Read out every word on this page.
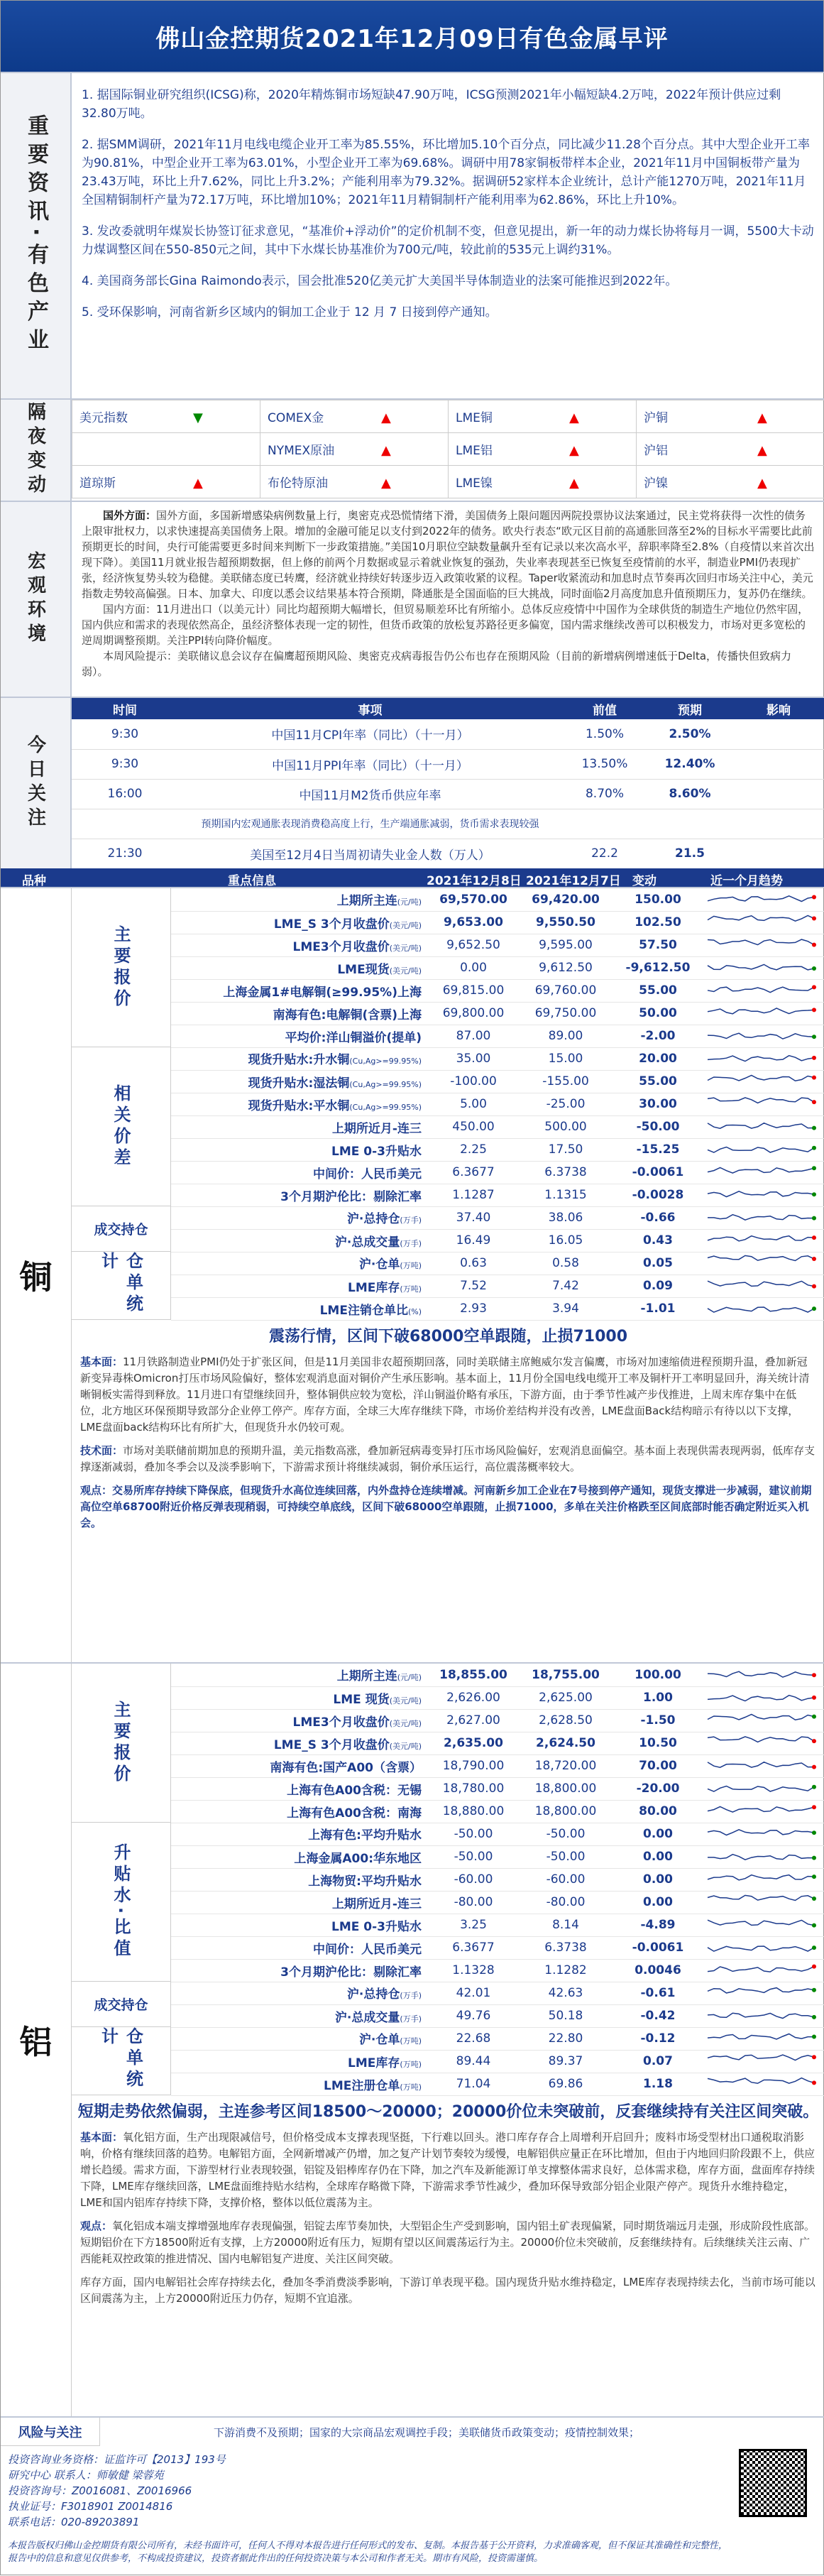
佛山金控期货2021年12月09日有色金属早评
重要资讯·有色产业

1. 据国际铜业研究组织(ICSG)称，2020年精炼铜市场短缺47.90万吨，ICSG预测2021年小幅短缺4.2万吨，2022年预计供应过剩32.80万吨。

2. 据SMM调研，2021年11月电线电缆企业开工率为85.55%，环比增加5.10个百分点，同比减少11.28个百分点。其中大型企业开工率为90.81%，中型企业开工率为63.01%，小型企业开工率为69.68%。调研中用78家铜板带样本企业，2021年11月中国铜板带产量为23.43万吨，环比上升7.62%，同比上升3.2%；产能利用率为79.32%。据调研52家样本企业统计，总计产能1270万吨，2021年11月全国精铜制杆产量为72.17万吨，环比增加10%；2021年11月精铜制杆产能利用率为62.86%，环比上升10%。

3. 发改委就明年煤炭长协签订征求意见，“基准价+浮动价”的定价机制不变，但意见提出，新一年的动力煤长协将每月一调，5500大卡动力煤调整区间在550-850元之间，其中下水煤长协基准价为700元/吨，较此前的535元上调约31%。

4. 美国商务部长Gina Raimondo表示，国会批准520亿美元扩大美国半导体制造业的法案可能推迟到2022年。

5. 受环保影响，河南省新乡区域内的铜加工企业于 12 月 7 日接到停产通知。

隔夜变动	美元指数 ▼	COMEX金 ▲	LME铜 ▲	沪铜 ▲
	NYMEX原油 ▲	LME铝 ▲	沪铝 ▲
道琼斯 ▲	布伦特原油 ▲	LME镍 ▲	沪镍 ▲
宏观环境

国外方面：国外方面，多国新增感染病例数量上行，奥密克戎恐慌情绪下滑，美国债务上限问题因两院投票协议法案通过，民主党将获得一次性的债务上限审批权力，以求快速提高美国债务上限。增加的金融可能足以支付到2022年的债务。欧央行表态“欧元区目前的高通胀回落至2%的目标水平需要比此前预期更长的时间，央行可能需要更多时间来判断下一步政策措施。”美国10月职位空缺数量飙升至有记录以来次高水平，辞职率降至2.8%（自疫情以来首次出现下降）。美国11月就业报告超预期数据，但上修的前两个月数据或显示着就业恢复的强劲，失业率表现甚至已恢复至疫情前的水平，制造业PMI仍表现扩张，经济恢复势头较为稳健。美联储态度已转鹰，经济就业持续好转逐步迈入政策收紧的议程。Taper收紧流动和加息时点节奏再次回归市场关注中心，美元指数走势较高偏强。日本、加拿大、印度以悉会议结果基本符合预期，降通胀是全国面临的巨大挑战，同时面临2月高度加息升值预期压力，复苏仍在继续。

国内方面：11月进出口（以美元计）同比均超预期大幅增长，但贸易顺差环比有所缩小。总体反应疫情中中国作为全球供货的制造生产地位仍然牢固，国内供应和需求的表现依然高企，虽经济整体表现一定的韧性，但货币政策的放松复苏路径更多偏宽，国内需求继续改善可以积极发力，市场对更多宽松的逆周期调整预期。关注PPI转向降价幅度。

本周风险提示：美联储议息会议存在偏鹰超预期风险、奥密克戎病毒报告仍公布也存在预期风险（目前的新增病例增速低于Delta，传播快但致病力弱）。

今日关注
时间	事项	前值	预期	影响
9:30	中国11月CPI年率（同比）（十一月）	1.50%	2.50%	
9:30	中国11月PPI年率（同比）（十一月）	13.50%	12.40%	
16:00	中国11月M2货币供应年率	8.70%	8.60%	
	预期国内宏观通胀表现消费稳高度上行，生产端通胀减弱，货币需求表现较强			
21:30	美国至12月4日当周初请失业金人数（万人）	22.2	21.5	
品种	重点信息	2021年12月8日 2021年12月7日 变动	近一个月趋势
铜
主要报价
上期所主连(元/吨)	69,570.00	69,420.00	150.00	
LME_S 3个月收盘价(美元/吨)	9,653.00	9,550.50	102.50	
LME3个月收盘价(美元/吨)	9,652.50	9,595.00	57.50	
LME现货(美元/吨)	0.00	9,612.50	-9,612.50	
上海金属1#电解铜(≥99.95%)上海	69,815.00	69,760.00	55.00	
南海有色:电解铜(含票)上海	69,800.00	69,750.00	50.00	
平均价:洋山铜溢价(提单)	87.00	89.00	-2.00	
相关价差
现货升贴水:升水铜(Cu,Ag>=99.95%)	35.00	15.00	20.00	
现货升贴水:湿法铜(Cu,Ag>=99.95%)	-100.00	-155.00	55.00	
现货升贴水:平水铜(Cu,Ag>=99.95%)	5.00	-25.00	30.00	
上期所近月-连三	450.00	500.00	-50.00	
LME 0-3升贴水	2.25	17.50	-15.25	
中间价：人民币美元	6.3677	6.3738	-0.0061	
3个月期沪伦比：剔除汇率	1.1287	1.1315	-0.0028	
成交持仓
沪·总持仓(万手)	37.40	38.06	-0.66	
沪·总成交量(万手)	16.49	16.05	0.43	
仓单统计	沪·仓单(万吨)	0.63	0.58	0.05	
LME库存(万吨)	7.52	7.42	0.09	
LME注销仓单比(%)	2.93	3.94	-1.01	
震荡行情，区间下破68000空单跟随，止损71000

基本面：11月铁路制造业PMI仍处于扩张区间，但是11月美国非农超预期回落，同时美联储主席鲍威尔发言偏鹰，市场对加速缩债进程预期升温，叠加新冠新变异毒株Omicron打压市场风险偏好，整体宏观消息面对铜价产生承压影响。基本面上，11月份全国电线电缆开工率及铜杆开工率明显回升，海关统计清晰铜板实需得到释放。11月进口有望继续回升，整体铜供应较为宽松，洋山铜溢价略有承压，下游方面，由于季节性减产步伐推进，上周末库存集中在低位，北方地区环保预期导致部分企业停工停产。库存方面，全球三大库存继续下降，市场价差结构并没有改善，LME盘面Back结构暗示有待以以下支撑，LME盘面back结构环比有所扩大，但现货升水仍较可观。

技术面：市场对美联储前期加息的预期升温，美元指数高涨，叠加新冠病毒变异打压市场风险偏好，宏观消息面偏空。基本面上表现供需表现两弱，低库存支撑逐渐减弱，叠加冬季会以及淡季影响下，下游需求预计将继续减弱，铜价承压运行，高位震荡概率较大。

观点：交易所库存持续下降保底，但现货升水高位连续回落，内外盘持仓连续增减。河南新乡加工企业在7号接到停产通知，现货支撑进一步减弱，建议前期高位空单68700附近价格反弹表现稍弱，可持续空单底线，区间下破68000空单跟随，止损71000，多单在关注价格跌至区间底部时能否确定附近买入机会。

铝
主要报价
上期所主连(元/吨)	18,855.00	18,755.00	100.00	
LME 现货(美元/吨)	2,626.00	2,625.00	1.00	
LME3个月收盘价(美元/吨)	2,627.00	2,628.50	-1.50	
LME_S 3个月收盘价(美元/吨)	2,635.00	2,624.50	10.50	
南海有色:国产A00（含票）	18,790.00	18,720.00	70.00	
上海有色A00含税：无锡	18,780.00	18,800.00	-20.00	
上海有色A00含税：南海	18,880.00	18,800.00	80.00	
升贴水·比值
上海有色:平均升贴水	-50.00	-50.00	0.00	
上海金属A00:华东地区	-50.00	-50.00	0.00	
上海物贸:平均升贴水	-60.00	-60.00	0.00	
上期所近月-连三	-80.00	-80.00	0.00	
LME 0-3升贴水	3.25	8.14	-4.89	
中间价：人民币美元	6.3677	6.3738	-0.0061	
3个月期沪伦比：剔除汇率	1.1328	1.1282	0.0046	
成交持仓
沪·总持仓(万手)	42.01	42.63	-0.61	
沪·总成交量(万手)	49.76	50.18	-0.42	
仓单统计	沪·仓单(万吨)	22.68	22.80	-0.12	
LME库存(万吨)	89.44	89.37	0.07	
LME注册仓单(万吨)	71.04	69.86	1.18	
短期走势依然偏弱，主连参考区间18500～20000；20000价位未突破前，反套继续持有关注区间突破。

基本面：氧化铝方面，生产出现限减信号，但价格受成本支撑表现坚挺，下行难以回头。港口库存存合上周增利开启回升；废料市场受型材出口通税取消影响，价格有继续回落的趋势。电解铝方面，全网新增减产仍增，加之复产计划节奏较为缓慢，电解铝供应量正在环比增加，但由于内地回归阶段跟不上，供应增长趋缓。需求方面，下游型材行业表现较强，铝锭及铝棒库存仍在下降，加之汽车及新能源订单支撑整体需求良好，总体需求稳，库存方面，盘面库存持续下降，LME库存继续回落，LME盘面维持贴水结构，全球库存略微下降，下游需求季节性减少，叠加环保导致部分铝企业限产停产。现货升水维持稳定，LME和国内铝库存持续下降，支撑价格，整体以低位震荡为主。

观点：氧化铝成本端支撑增强地库存表现偏强，铝锭去库节奏加快，大型铝企生产受到影响，国内铝土矿表现偏紧，同时期货端远月走强，形成阶段性底部。短期铝价在下方18500附近有支撑，上方20000附近有压力，短期有望以区间震荡运行为主。20000价位未突破前，反套继续持有。后续继续关注云南、广西能耗双控政策的推进情况、国内电解铝复产进度、关注区间突破。

库存方面，国内电解铝社会库存持续去化，叠加冬季消费淡季影响，下游订单表现平稳。国内现货升贴水维持稳定，LME库存表现持续去化，当前市场可能以区间震荡为主，上方20000附近压力仍存，短期不宜追涨。

风险与关注	下游消费不及预期；国家的大宗商品宏观调控手段；美联储货币政策变动；疫情控制效果；
投资咨询业务资格：证监许可【2013】193号
研究中心 联系人：师敏健 梁蓉苑
投资咨询号：Z0016081、Z0016966
执业证号：F3018901 Z0014816
联系电话：020-89203891
本报告版权归佛山金控期货有限公司所有，未经书面许可，任何人不得对本报告进行任何形式的发布、复制。本报告基于公开资料，力求准确客观，但不保证其准确性和完整性，报告中的信息和意见仅供参考，不构成投资建议，投资者据此作出的任何投资决策与本公司和作者无关。期市有风险，投资需谨慎。
